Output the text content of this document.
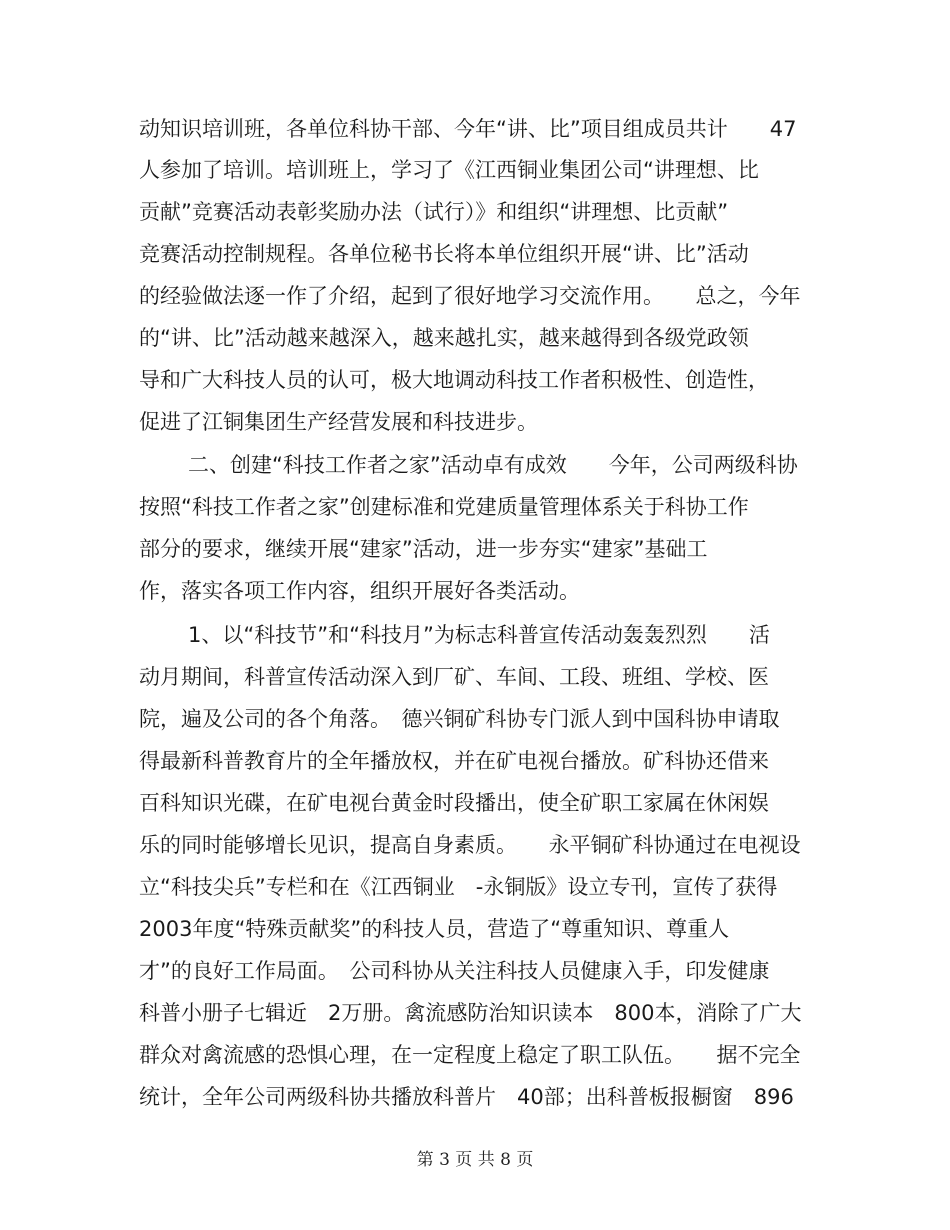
动知识培训班，各单位科协干部、今年“讲、比”项目组成员共计　　47
人参加了培训。培训班上，学习了《江西铜业集团公司“讲理想、比
贡献”竞赛活动表彰奖励办法（试行）》和组织“讲理想、比贡献”
竞赛活动控制规程。各单位秘书长将本单位组织开展“讲、比”活动
的经验做法逐一作了介绍，起到了很好地学习交流作用。　　总之，今年
的“讲、比”活动越来越深入，越来越扎实，越来越得到各级党政领
导和广大科技人员的认可，极大地调动科技工作者积极性、创造性，
促进了江铜集团生产经营发展和科技进步。
二、创建“科技工作者之家”活动卓有成效　　今年，公司两级科协
按照“科技工作者之家”创建标准和党建质量管理体系关于科协工作
部分的要求，继续开展“建家”活动，进一步夯实“建家”基础工
作，落实各项工作内容，组织开展好各类活动。
1、以“科技节”和“科技月”为标志科普宣传活动轰轰烈烈　　活
动月期间，科普宣传活动深入到厂矿、车间、工段、班组、学校、医
院，遍及公司的各个角落。　德兴铜矿科协专门派人到中国科协申请取
得最新科普教育片的全年播放权，并在矿电视台播放。矿科协还借来
百科知识光碟，在矿电视台黄金时段播出，使全矿职工家属在休闲娱
乐的同时能够增长见识，提高自身素质。　　永平铜矿科协通过在电视设
立“科技尖兵”专栏和在《江西铜业　-永铜版》设立专刊，宣传了获得
2003年度“特殊贡献奖”的科技人员，营造了“尊重知识、尊重人
才”的良好工作局面。　公司科协从关注科技人员健康入手，印发健康
科普小册子七辑近　2万册。禽流感防治知识读本　800本，消除了广大
群众对禽流感的恐惧心理，在一定程度上稳定了职工队伍。　　据不完全
统计，全年公司两级科协共播放科普片　40部；出科普板报橱窗　896
第 3 页 共 8 页
